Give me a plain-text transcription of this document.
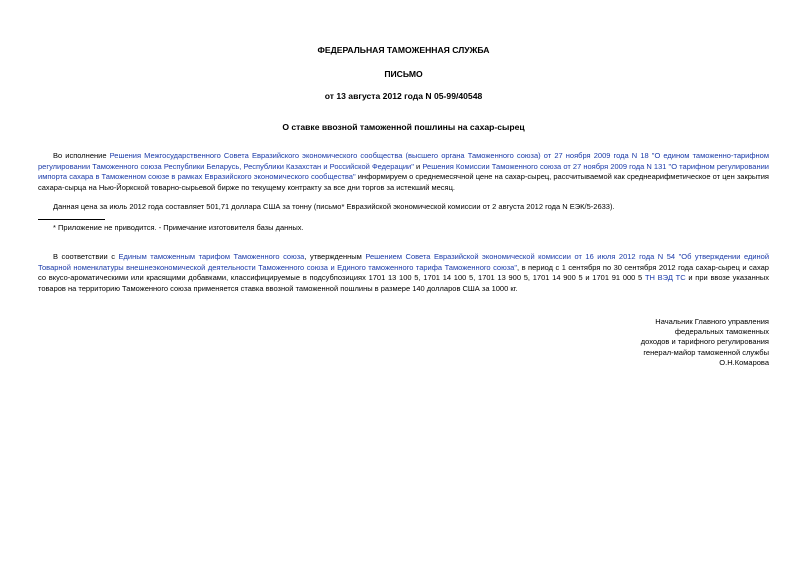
ФЕДЕРАЛЬНАЯ ТАМОЖЕННАЯ СЛУЖБА
ПИСЬМО
от 13 августа 2012 года N 05-99/40548
О ставке ввозной таможенной пошлины на сахар-сырец
Во исполнение Решения Межгосударственного Совета Евразийского экономического сообщества (высшего органа Таможенного союза) от 27 ноября 2009 года N 18 "О едином таможенно-тарифном регулировании Таможенного союза Республики Беларусь, Республики Казахстан и Российской Федерации" и Решения Комиссии Таможенного союза от 27 ноября 2009 года N 131 "О тарифном регулировании импорта сахара в Таможенном союзе в рамках Евразийского экономического сообщества" информируем о среднемесячной цене на сахар-сырец, рассчитываемой как среднеарифметическое от цен закрытия сахара-сырца на Нью-Йоркской товарно-сырьевой бирже по текущему контракту за все дни торгов за истекший месяц.
Данная цена за июль 2012 года составляет 501,71 доллара США за тонну (письмо* Евразийской экономической комиссии от 2 августа 2012 года N ЕЭК/5-2633).
* Приложение не приводится. - Примечание изготовителя базы данных.
В соответствии с Единым таможенным тарифом Таможенного союза, утвержденным Решением Совета Евразийской экономической комиссии от 16 июля 2012 года N 54 "Об утверждении единой Товарной номенклатуры внешнеэкономической деятельности Таможенного союза и Единого таможенного тарифа Таможенного союза", в период с 1 сентября по 30 сентября 2012 года сахар-сырец и сахар со вкусо-ароматическими или красящими добавками, классифицируемые в подсубпозициях 1701 13 100 5, 1701 14 100 5, 1701 13 900 5, 1701 14 900 5 и 1701 91 000 5 ТН ВЭД ТС и при ввозе указанных товаров на территорию Таможенного союза применяется ставка ввозной таможенной пошлины в размере 140 долларов США за 1000 кг.
Начальник Главного управления
федеральных таможенных
доходов и тарифного регулирования
генерал-майор таможенной службы
О.Н.Комарова
